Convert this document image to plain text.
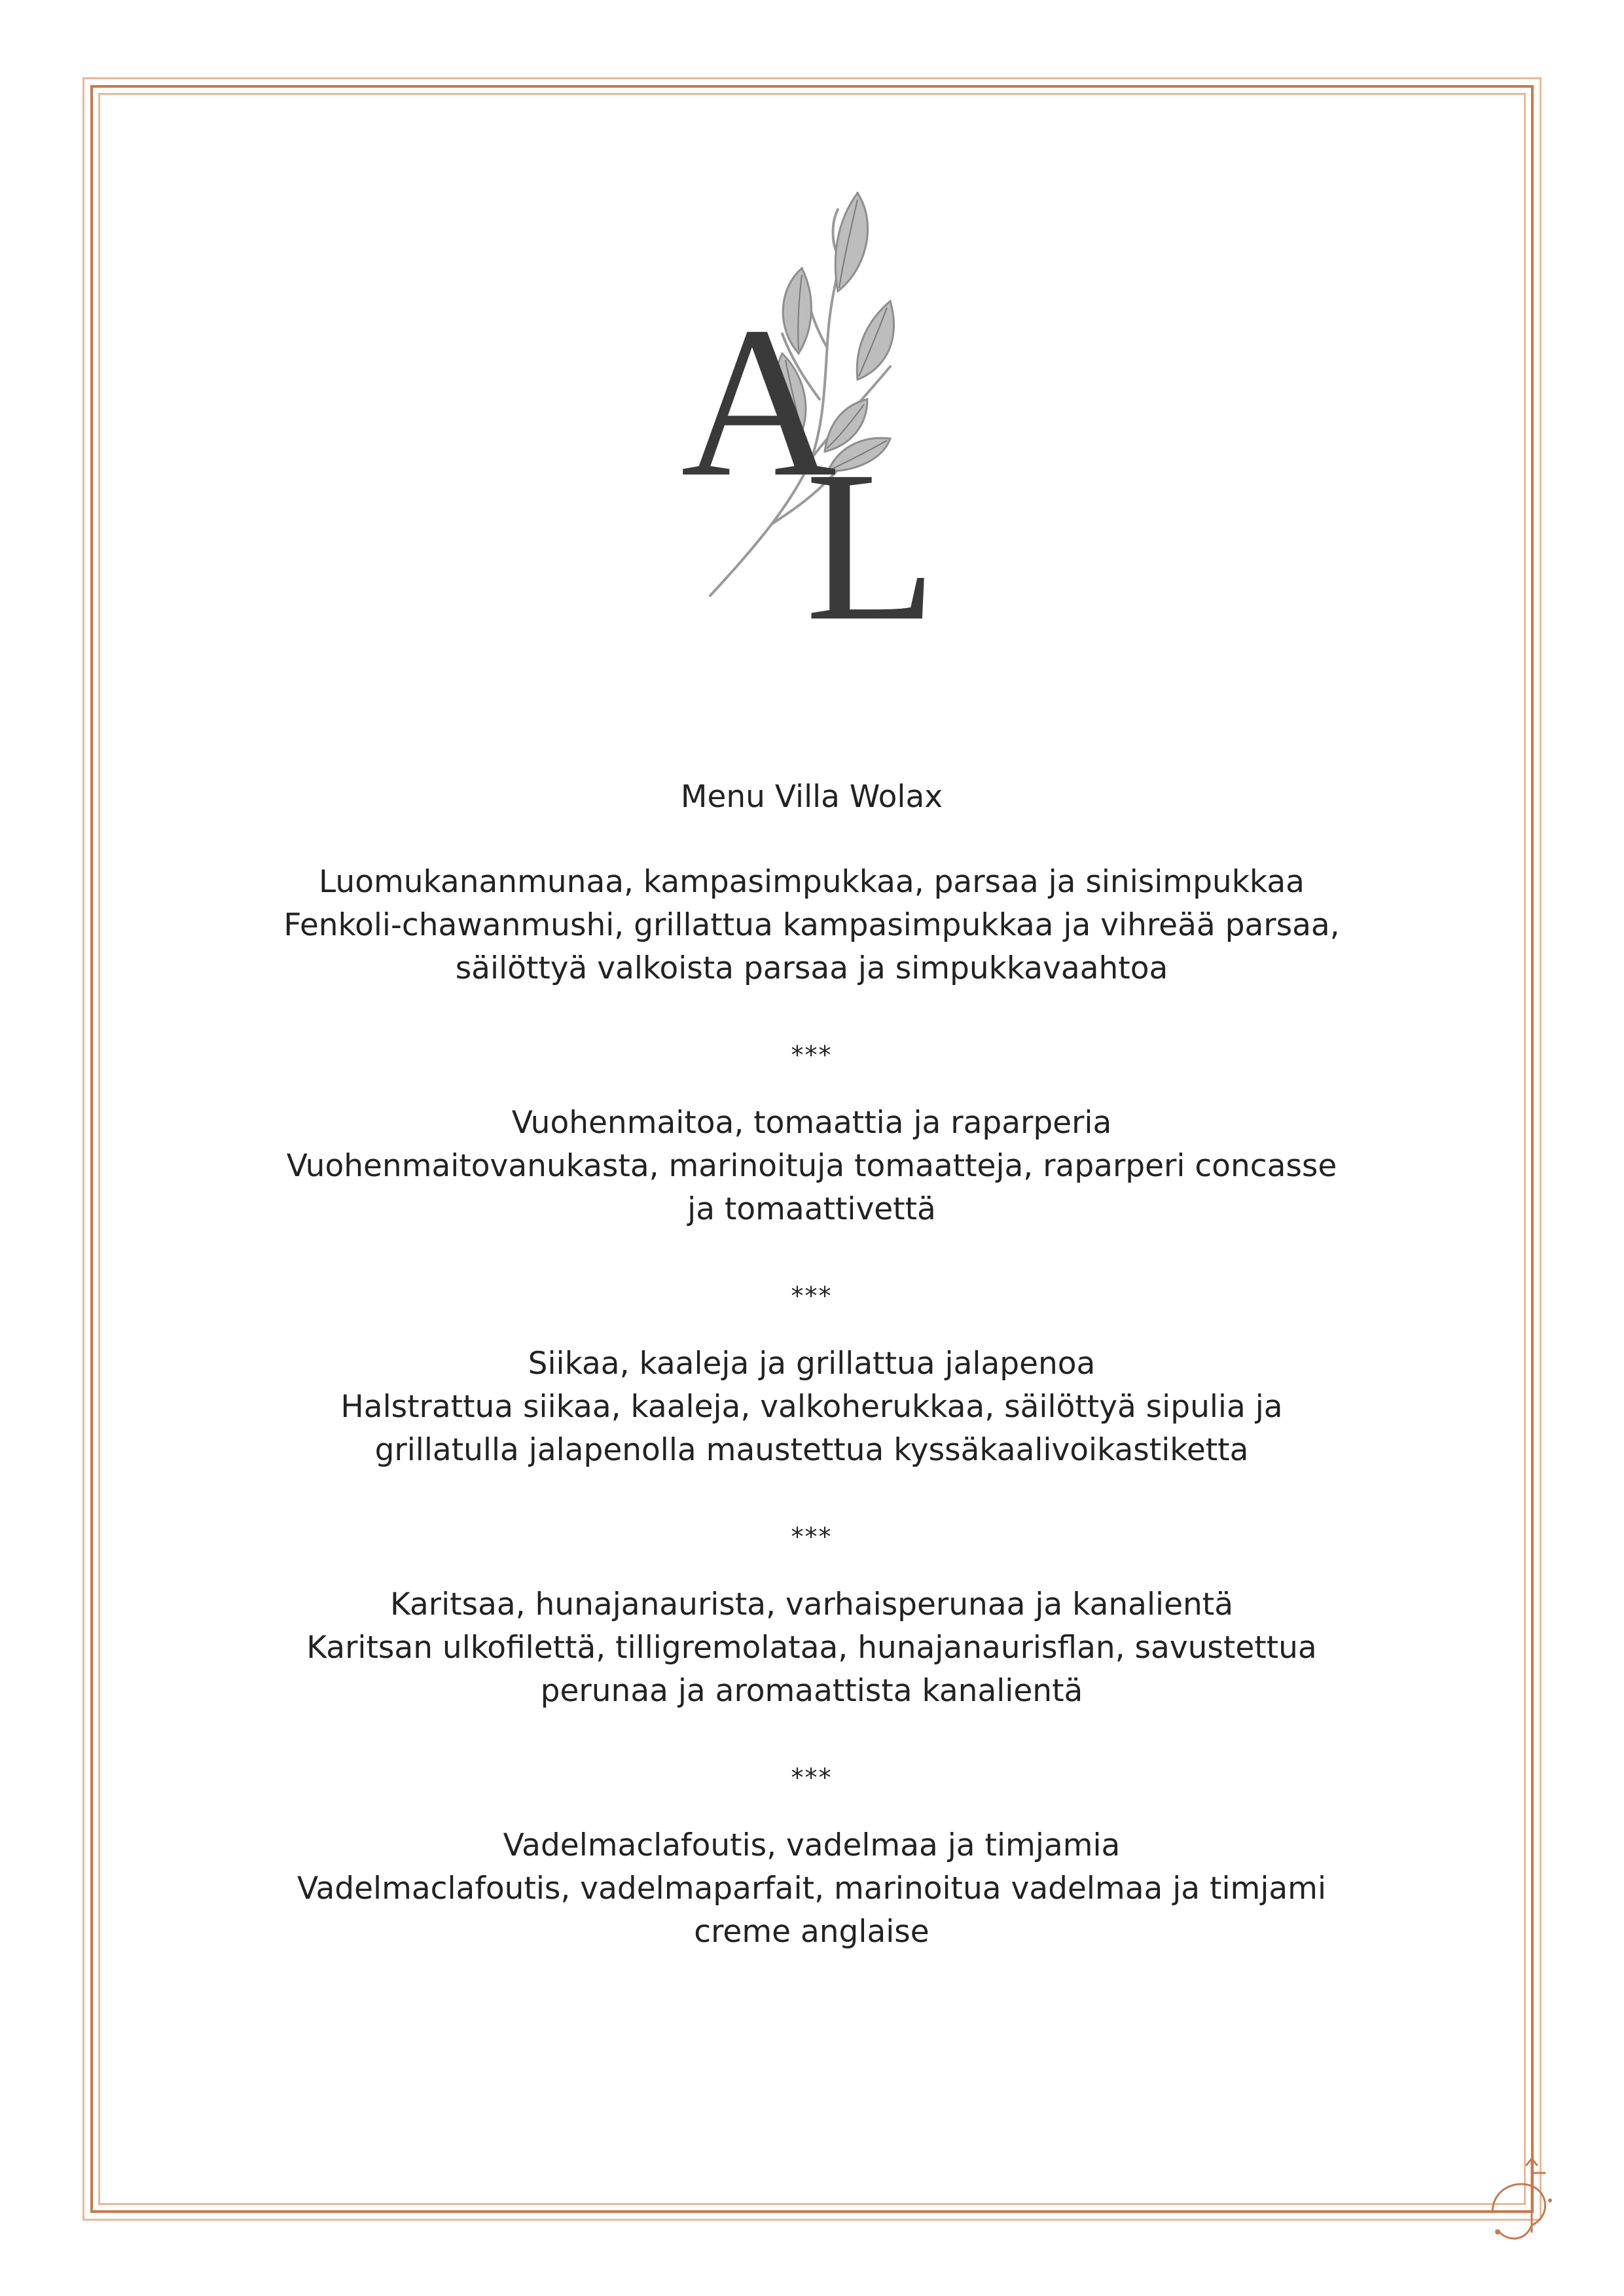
A
L

Menu Villa Wolax

Luomukananmunaa, kampasimpukkaa, parsaa ja sinisimpukkaa

Fenkoli-chawanmushi, grillattua kampasimpukkaa ja vihreää parsaa,

säilöttyä valkoista parsaa ja simpukkavaahtoa

***

Vuohenmaitoa, tomaattia ja raparperia

Vuohenmaitovanukasta, marinoituja tomaatteja, raparperi concasse

ja tomaattivettä

***

Siikaa, kaaleja ja grillattua jalapenoa

Halstrattua siikaa, kaaleja, valkoherukkaa, säilöttyä sipulia ja

grillatulla jalapenolla maustettua kyssäkaalivoikastiketta

***

Karitsaa, hunajanaurista, varhaisperunaa ja kanalientä

Karitsan ulkofilettä, tilligremolataa, hunajanaurisflan, savustettua

perunaa ja aromaattista kanalientä

***

Vadelmaclafoutis, vadelmaa ja timjamia

Vadelmaclafoutis, vadelmaparfait, marinoitua vadelmaa ja timjami

creme anglaise
